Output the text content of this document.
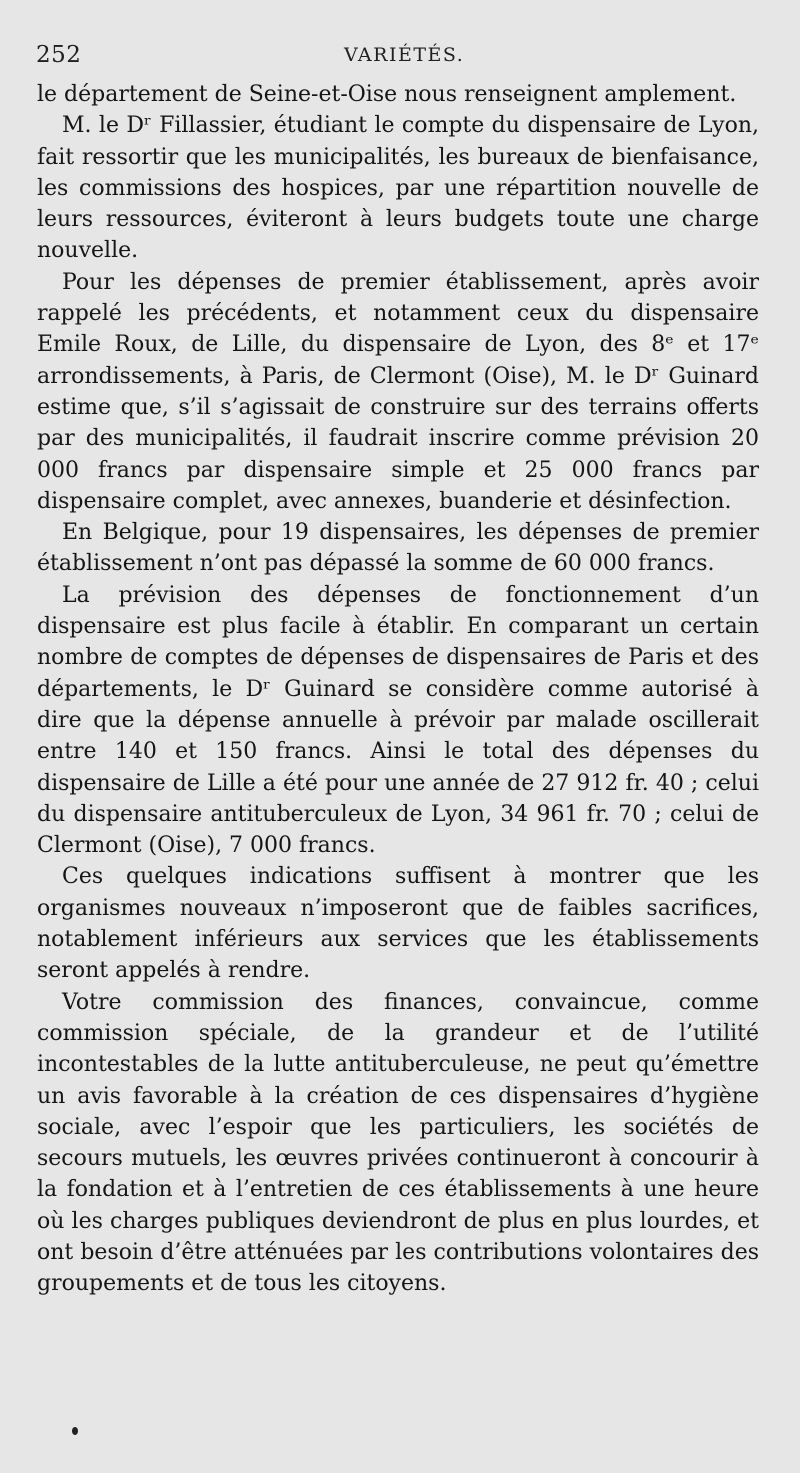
252	VARIÉTÉS.

le département de Seine-et-Oise nous renseignent amplement.

M. le Dʳ Fillassier, étudiant le compte du dispensaire de Lyon, fait ressortir que les municipalités, les bureaux de bienfaisance, les commissions des hospices, par une répartition nouvelle de leurs ressources, éviteront à leurs budgets toute une charge nouvelle.

Pour les dépenses de premier établissement, après avoir rappelé les précédents, et notamment ceux du dispensaire Emile Roux, de Lille, du dispensaire de Lyon, des 8ᵉ et 17ᵉ arrondissements, à Paris, de Clermont (Oise), M. le Dʳ Guinard estime que, s’il s’agissait de construire sur des terrains offerts par des municipalités, il faudrait inscrire comme prévision 20 000 francs par dispensaire simple et 25 000 francs par dispensaire complet, avec annexes, buanderie et désinfection.

En Belgique, pour 19 dispensaires, les dépenses de premier établissement n’ont pas dépassé la somme de 60 000 francs.

La prévision des dépenses de fonctionnement d’un dispensaire est plus facile à établir. En comparant un certain nombre de comptes de dépenses de dispensaires de Paris et des départements, le Dʳ Guinard se considère comme autorisé à dire que la dépense annuelle à prévoir par malade oscillerait entre 140 et 150 francs. Ainsi le total des dépenses du dispensaire de Lille a été pour une année de 27 912 fr. 40 ; celui du dispensaire antituberculeux de Lyon, 34 961 fr. 70 ; celui de Clermont (Oise), 7 000 francs.

Ces quelques indications suffisent à montrer que les organismes nouveaux n’imposeront que de faibles sacrifices, notablement inférieurs aux services que les établissements seront appelés à rendre.

Votre commission des finances, convaincue, comme commission spéciale, de la grandeur et de l’utilité incontestables de la lutte antituberculeuse, ne peut qu’émettre un avis favorable à la création de ces dispensaires d’hygiène sociale, avec l’espoir que les particuliers, les sociétés de secours mutuels, les œuvres privées continueront à concourir à la fondation et à l’entretien de ces établissements à une heure où les charges publiques deviendront de plus en plus lourdes, et ont besoin d’être atténuées par les contributions volontaires des groupements et de tous les citoyens.
